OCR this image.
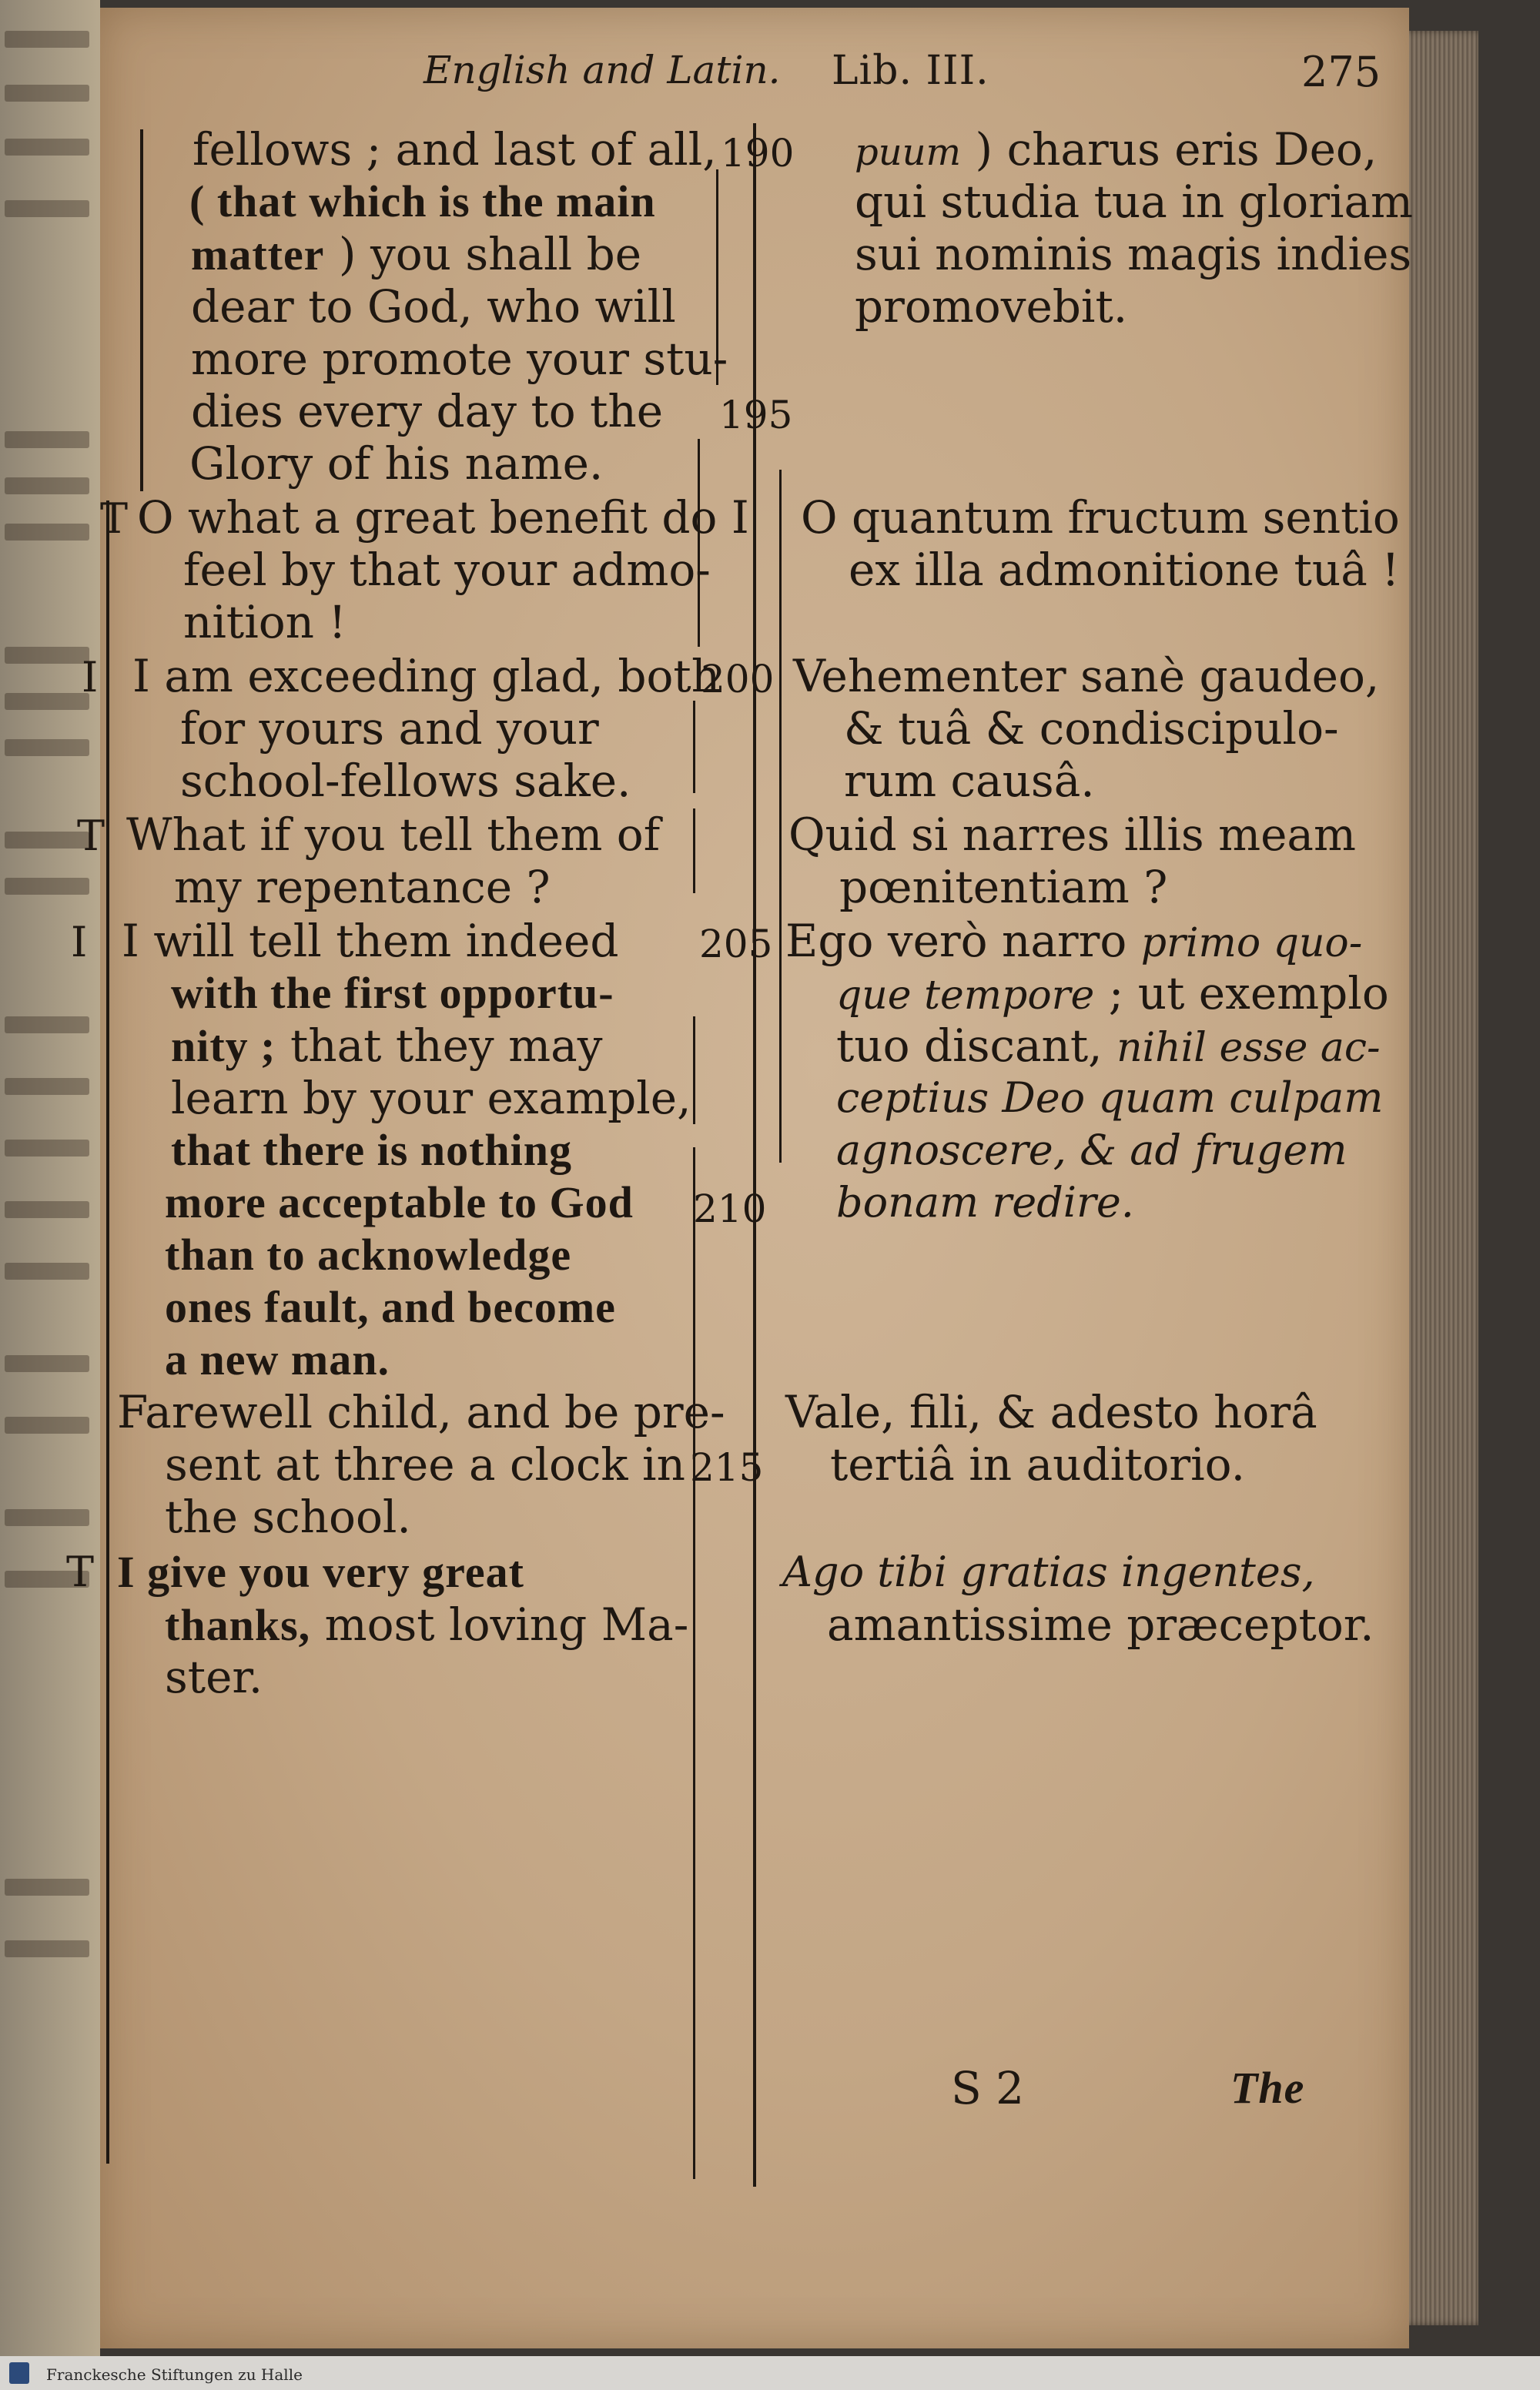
English and Latin. Lib. III.	275
fellows ; and last of all,
( that which is the main
matter ) you shall be
dear to God, who will
more promote your stu-
dies every day to the
Glory of his name.
O what a great benefit do I
feel by that your admo-
nition !
I am exceeding glad, both
for yours and your
school-fellows sake.
What if you tell them of
my repentance ?
I will tell them indeed
with the first opportu-
nity ; that they may
learn by your example,
that there is nothing
more acceptable to God
than to acknowledge
ones fault, and become
a new man.
Farewell child, and be pre-
sent at three a clock in
the school.
I give you very great
thanks, most loving Ma-
ster.
190
195
200
205
210
215
T
I
T
I
T
puum ) charus eris Deo,
qui studia tua in gloriam
sui nominis magis indies
promovebit.
O quantum fructum sentio
ex illa admonitione tuâ !
Vehementer sanè gaudeo,
& tuâ & condiscipulo-
rum causâ.
Quid si narres illis meam
pœnitentiam ?
Ego verò narro primo quo-
que tempore ; ut exemplo
tuo discant, nihil esse ac-
ceptius Deo quam culpam
agnoscere, & ad frugem
bonam redire.
Vale, fili, & adesto horâ
tertiâ in auditorio.
Ago tibi gratias ingentes,
amantissime præceptor.
S 2	The
Franckesche Stiftungen zu Halle
